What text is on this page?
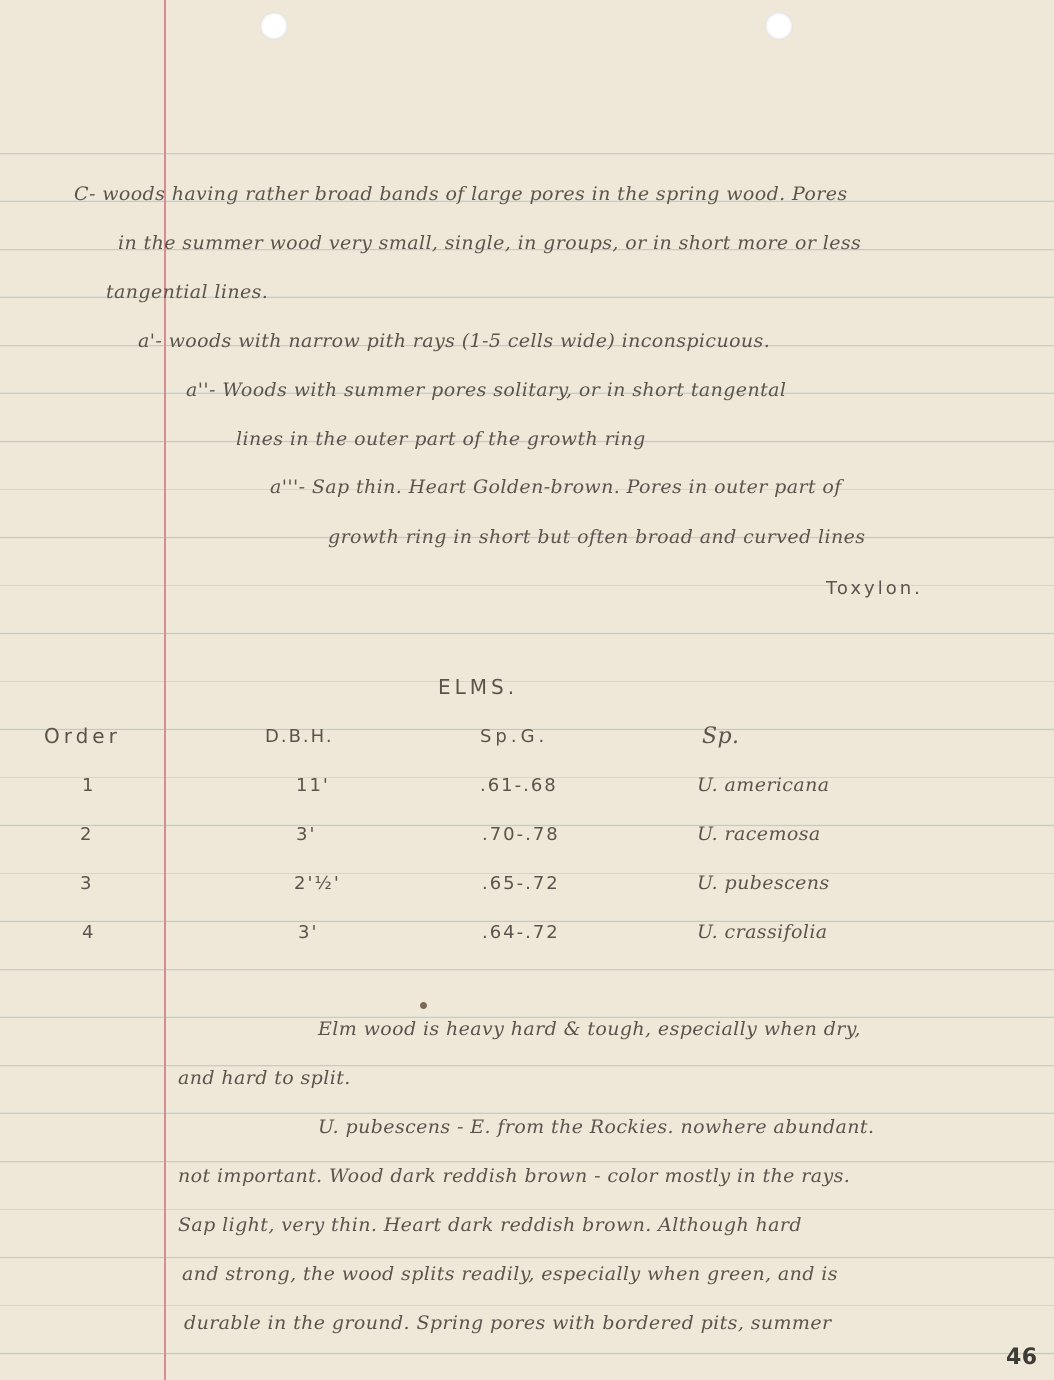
C- woods having rather broad bands of large pores in the spring wood. Pores
in the summer wood very small, single, in groups, or in short more or less
tangential lines.
a'- woods with narrow pith rays (1-5 cells wide) inconspicuous.
a''- Woods with summer pores solitary, or in short tangental
lines in the outer part of the growth ring
a'''- Sap thin. Heart Golden-brown. Pores in outer part of
growth ring in short but often broad and curved lines
Toxylon.
ELMS.
Order	D.B.H.	Sp.G.	Sp.
1	11'	.61-.68	U. americana
2	3'	.70-.78	U. racemosa
3	2'½'	.65-.72	U. pubescens
4	3'	.64-.72	U. crassifolia
Elm wood is heavy hard & tough, especially when dry,
and hard to split.
U. pubescens - E. from the Rockies. nowhere abundant.
not important. Wood dark reddish brown - color mostly in the rays.
Sap light, very thin. Heart dark reddish brown. Although hard
and strong, the wood splits readily, especially when green, and is
durable in the ground. Spring pores with bordered pits, summer
46
